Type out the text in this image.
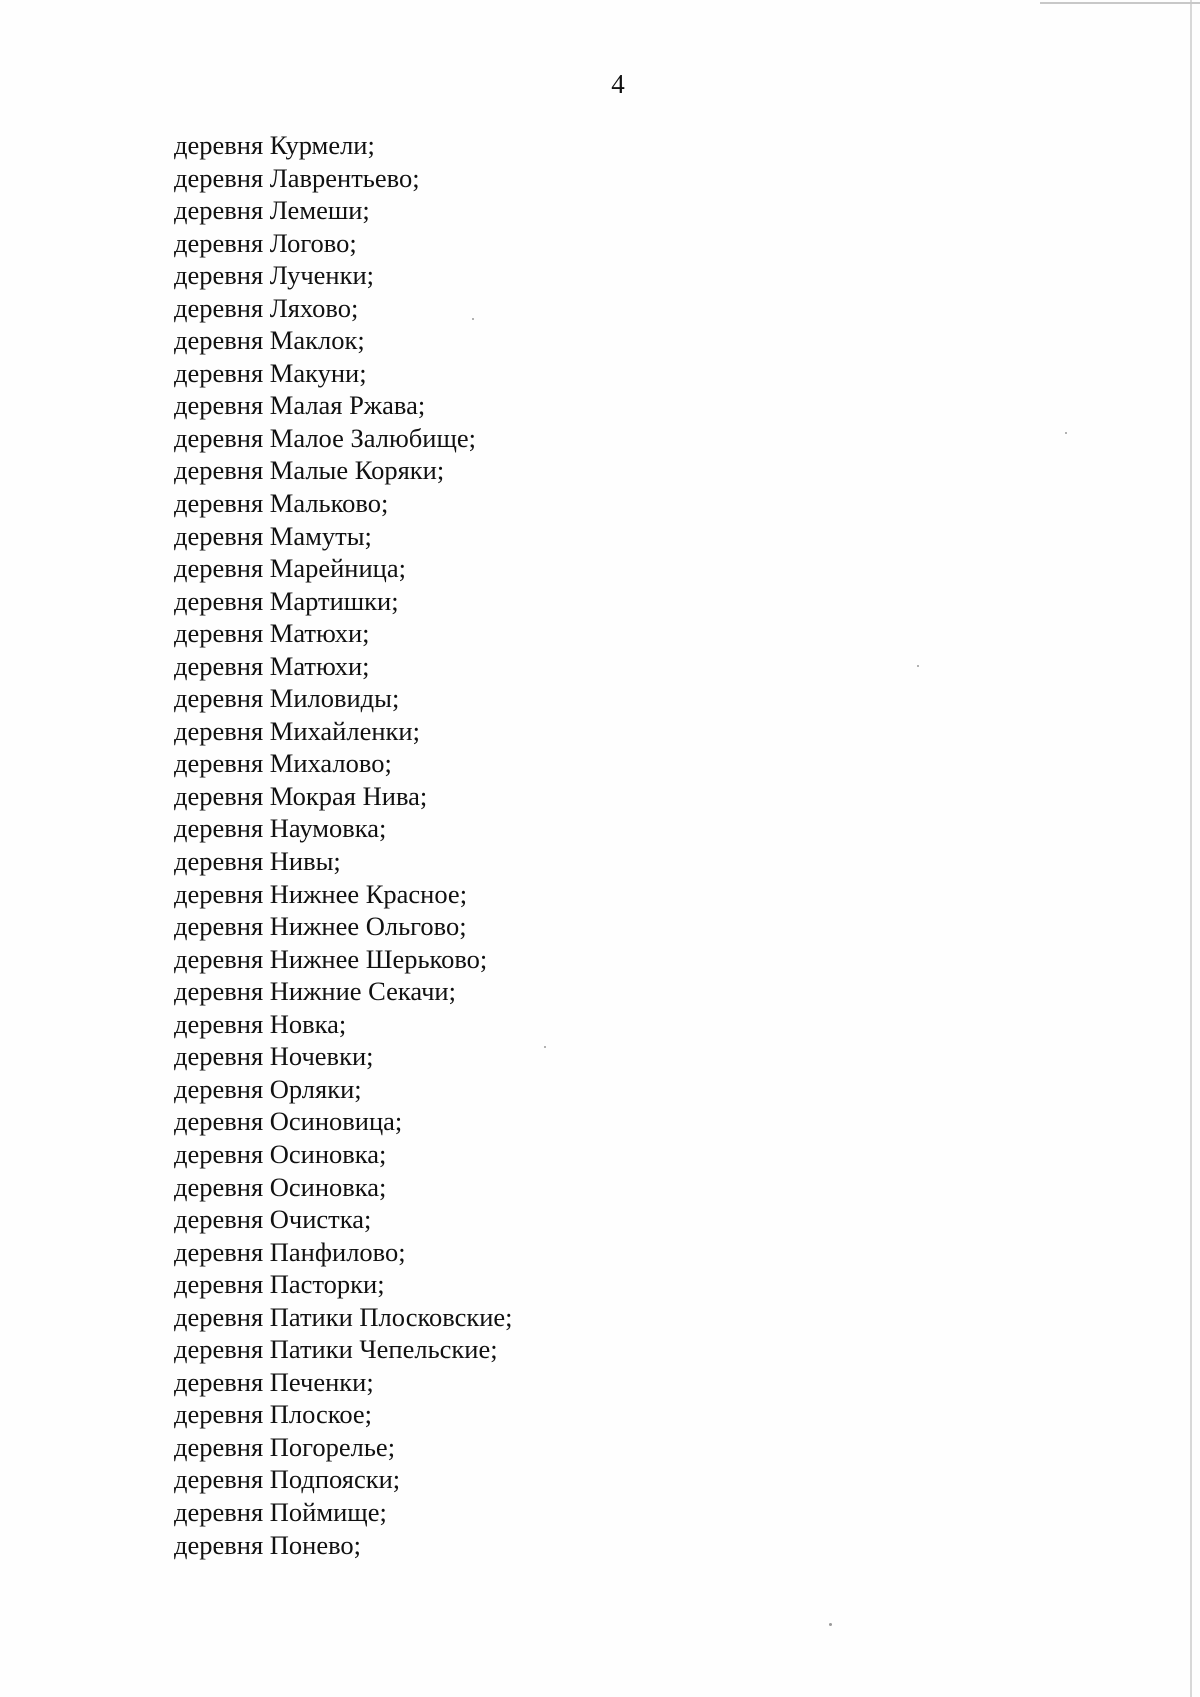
4
деревня Курмели;
деревня Лаврентьево;
деревня Лемеши;
деревня Логово;
деревня Лученки;
деревня Ляхово;
деревня Маклок;
деревня Макуни;
деревня Малая Ржава;
деревня Малое Залюбище;
деревня Малые Коряки;
деревня Мальково;
деревня Мамуты;
деревня Марейница;
деревня Мартишки;
деревня Матюхи;
деревня Матюхи;
деревня Миловиды;
деревня Михайленки;
деревня Михалово;
деревня Мокрая Нива;
деревня Наумовка;
деревня Нивы;
деревня Нижнее Красное;
деревня Нижнее Ольгово;
деревня Нижнее Шерьково;
деревня Нижние Секачи;
деревня Новка;
деревня Ночевки;
деревня Орляки;
деревня Осиновица;
деревня Осиновка;
деревня Осиновка;
деревня Очистка;
деревня Панфилово;
деревня Пасторки;
деревня Патики Плосковские;
деревня Патики Чепельские;
деревня Печенки;
деревня Плоское;
деревня Погорелье;
деревня Подпояски;
деревня Поймище;
деревня Понево;
